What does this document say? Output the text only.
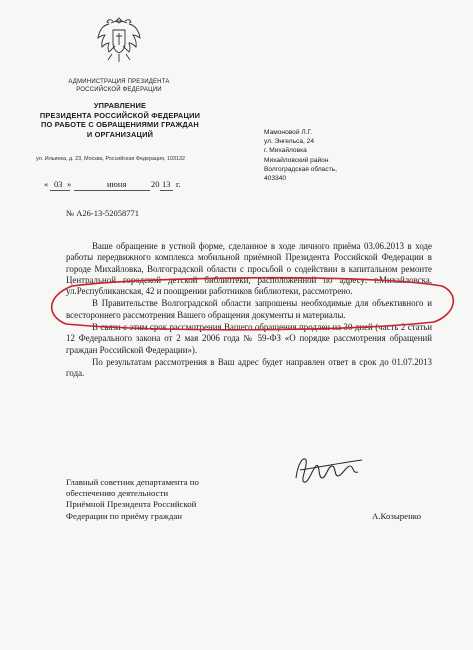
АДМИНИСТРАЦИЯ ПРЕЗИДЕНТА
РОССИЙСКОЙ ФЕДЕРАЦИИ
УПРАВЛЕНИЕ
ПРЕЗИДЕНТА РОССИЙСКОЙ ФЕДЕРАЦИИ
ПО РАБОТЕ С ОБРАЩЕНИЯМИ ГРАЖДАН
И ОРГАНИЗАЦИЙ
ул. Ильинка, д. 23, Москва, Российская Федерация, 103132
Мамоновой Л.Г.
ул. Энгельса, 24
г. Михайловка
Михайловский район
Волгоградская область,
403340
« 03 »	июня	20 13 г.
№ А26-13-52058771

Ваше обращение в устной форме, сделанное в ходе личного приёма 03.06.2013 в ходе работы передвижного комплекса мобильной приёмной Президента Российской Федерации в городе Михайловка, Волгоградской области с просьбой о содействии в капитальном ремонте Центральной городской детской библиотеки, расположенной по адресу: г.Михайловска, ул.Республиканская, 42 и поощрении работников библиотеки, рассмотрено.

В Правительстве Волгоградской области запрошены необходимые для объективного и всестороннего рассмотрения Вашего обращения документы и материалы.

В связи с этим срок рассмотрения Вашего обращения продлен на 30 дней (часть 2 статьи 12 Федерального закона от 2 мая 2006 года № 59-ФЗ «О порядке рассмотрения обращений граждан Российской Федерации»).

По результатам рассмотрения в Ваш адрес будет направлен ответ в срок до 01.07.2013 года.

Главный советник департамента по
обеспечению деятельности
Приёмной Президента Российской
Федерации по приёму граждан	А.Козыренко
